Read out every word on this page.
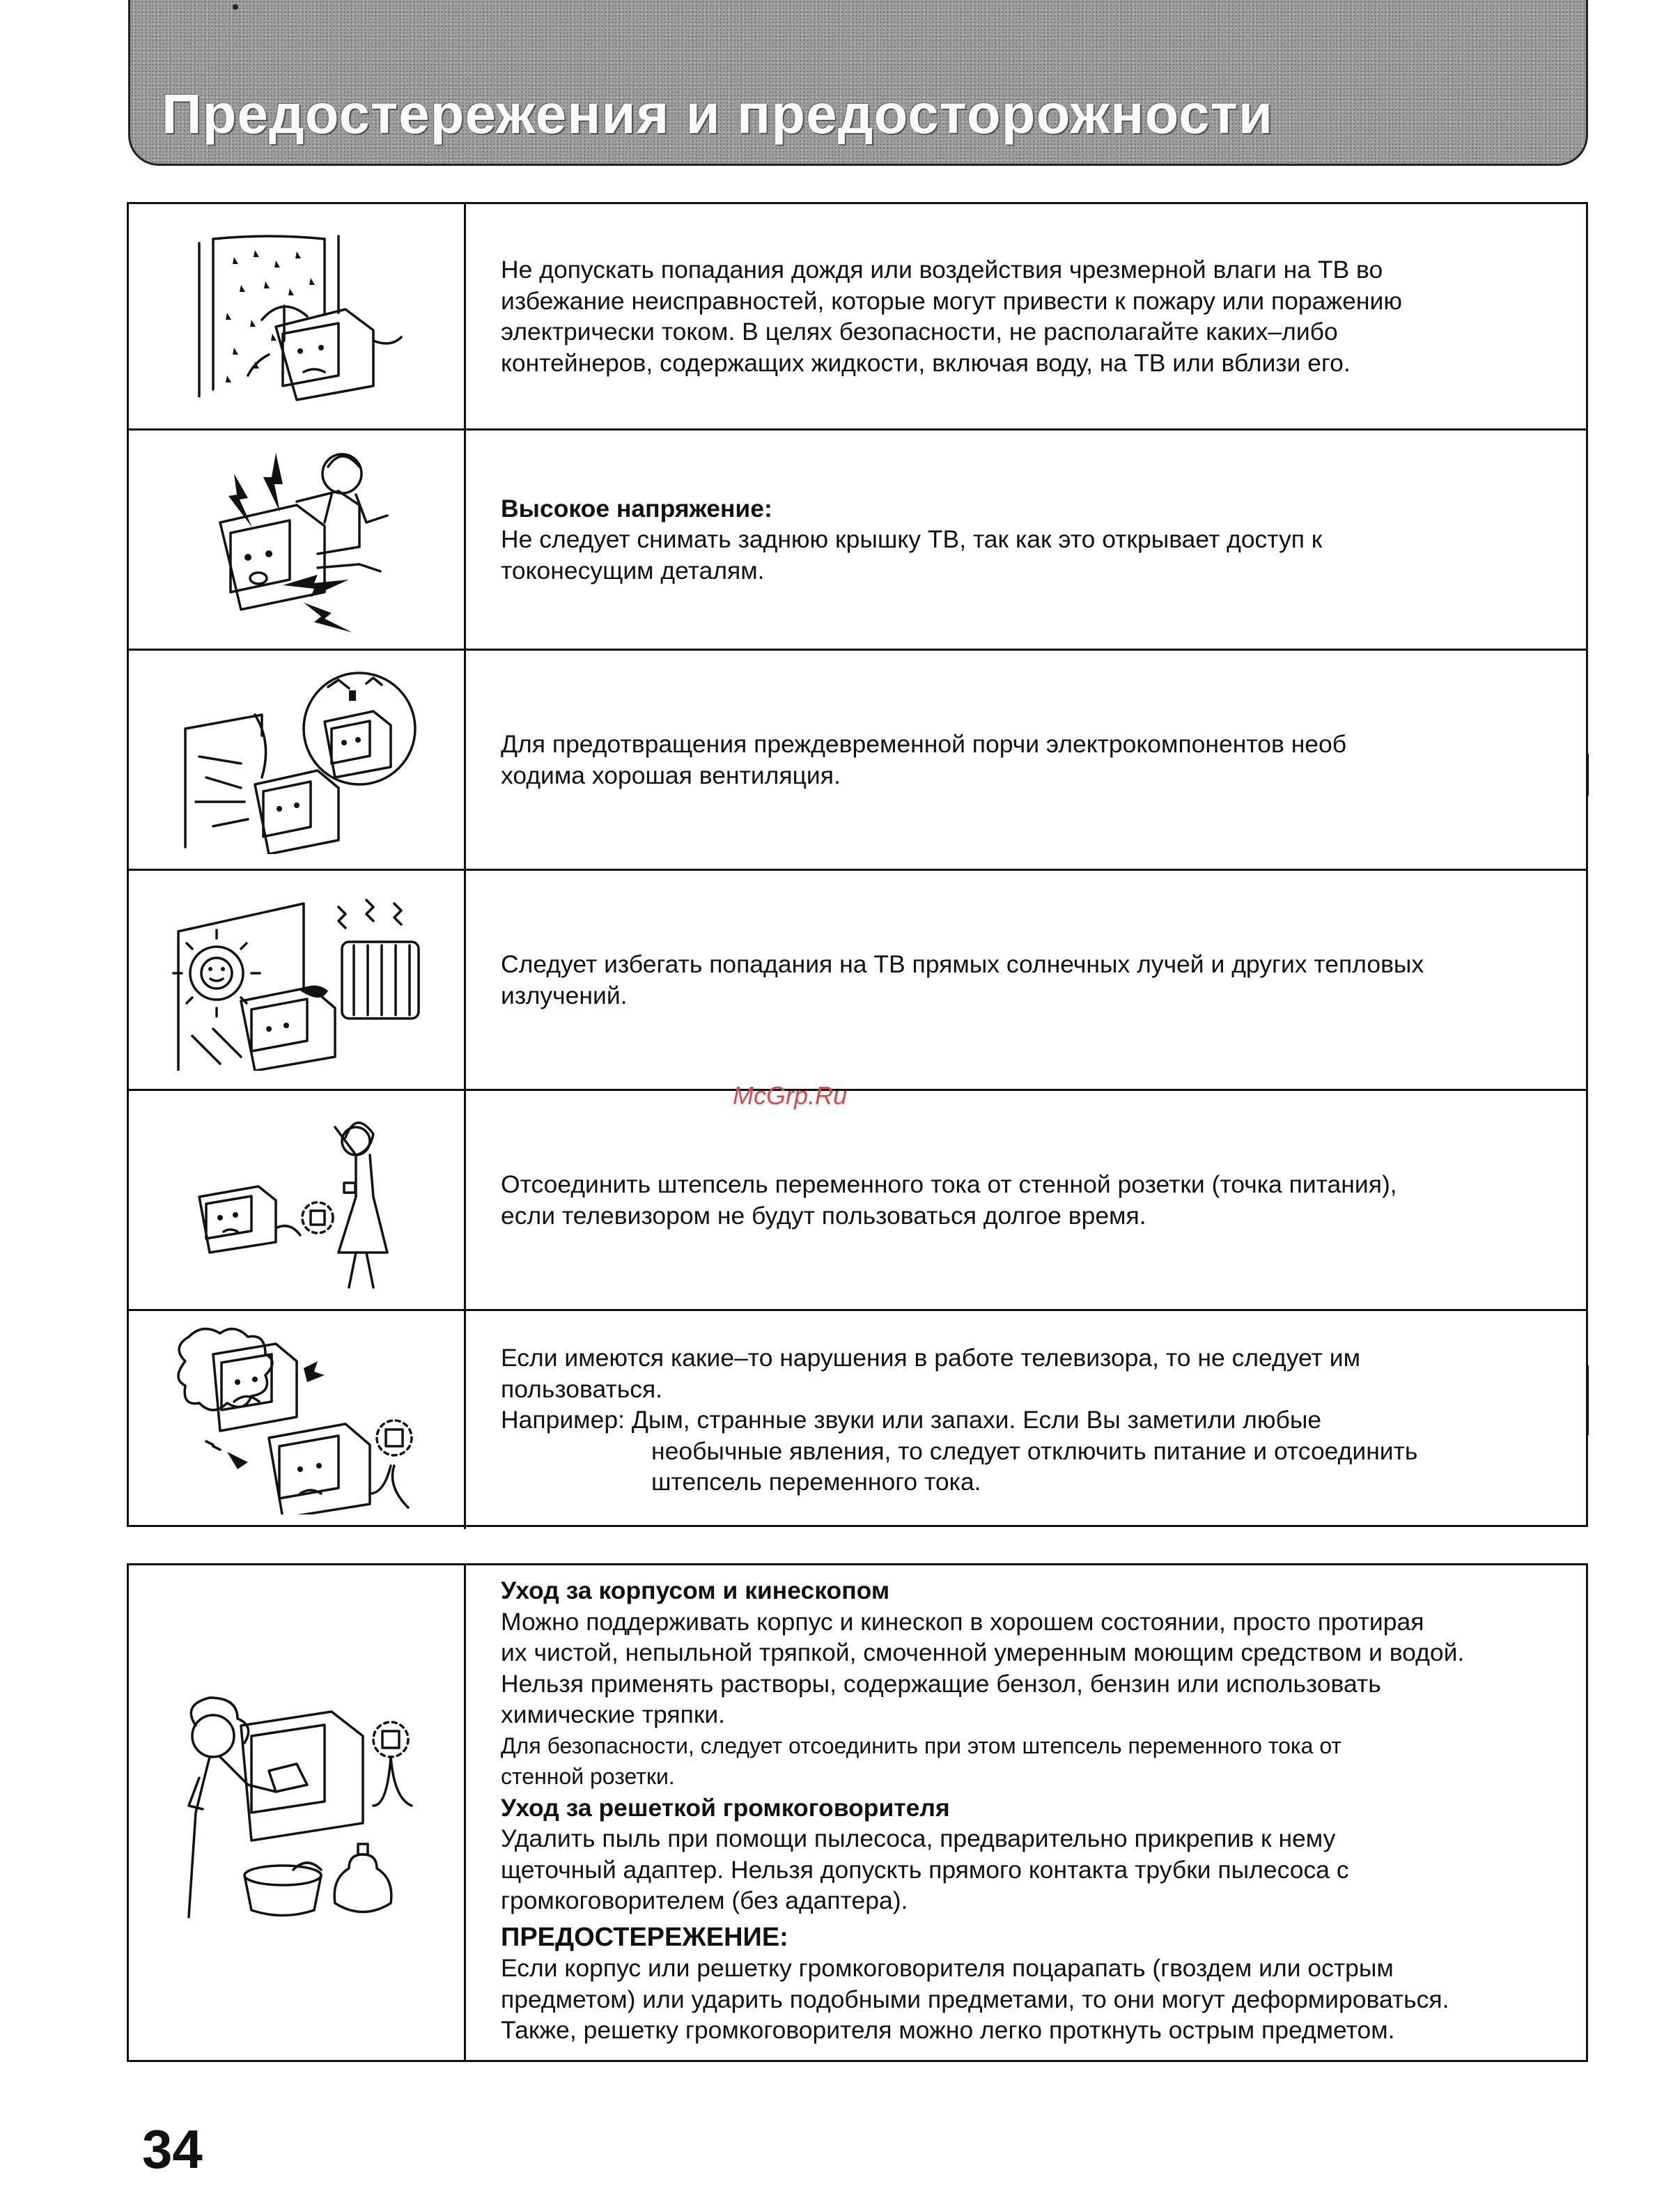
Предостережения и предосторожности
Не допускать попадания дождя или воздействия чрезмерной влаги на ТВ во
избежание неисправностей, которые могут привести к пожару или поражению
электрически током. В целях безопасности, не располагайте каких–либо
контейнеров, содержащих жидкости, включая воду, на ТВ или вблизи его.
Высокое напряжение:
Не следует снимать заднюю крышку ТВ, так как это открывает доступ к
токонесущим деталям.
Для предотвращения преждевременной порчи электрокомпонентов необ
ходима хорошая вентиляция.
Следует избегать попадания на ТВ прямых солнечных лучей и других тепловых
излучений.
Отсоединить штепсель переменного тока от стенной розетки (точка питания),
если телевизором не будут пользоваться долгое время.
Если имеются какие–то нарушения в работе телевизора, то не следует им
пользоваться.
Например: Дым, странные звуки или запахи. Если Вы заметили любые
необычные явления, то следует отключить питание и отсоединить
штепсель переменного тока.
Уход за корпусом и кинескопом
Можно поддерживать корпус и кинескоп в хорошем состоянии, просто протирая
их чистой, непыльной тряпкой, смоченной умеренным моющим средством и водой.
Нельзя применять растворы, содержащие бензол, бензин или использовать
химические тряпки.
Для безопасности, следует отсоединить при этом штепсель переменного тока от
стенной розетки.
Уход за решеткой громкоговорителя
Удалить пыль при помощи пылесоса, предварительно прикрепив к нему
щеточный адаптер. Нельзя допускть прямого контакта трубки пылесоса с
громкоговорителем (без адаптера).
ПРЕДОСТЕРЕЖЕНИЕ:
Если корпус или решетку громкоговорителя поцарапать (гвоздем или острым
предметом) или ударить подобными предметами, то они могут деформироваться.
Также, решетку громкоговорителя можно легко проткнуть острым предметом.
McGrp.Ru
34
